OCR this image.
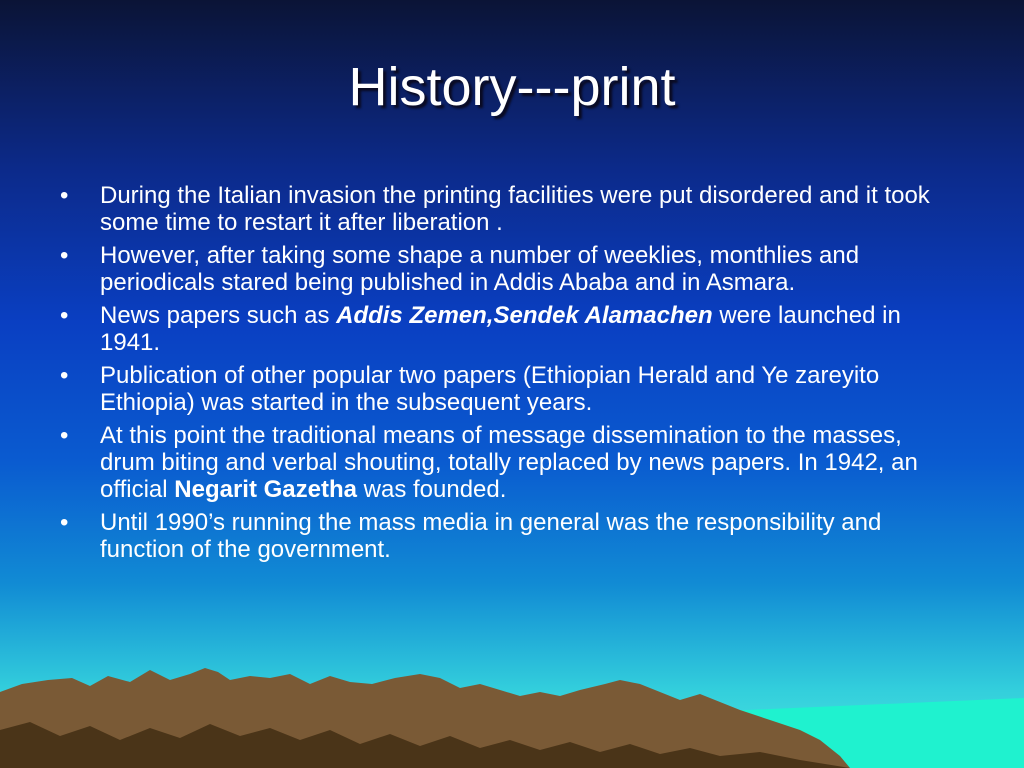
History---print
• During the Italian invasion the printing facilities were put disordered and it took some time to restart it after liberation .
• However, after taking some shape a number of weeklies, monthlies and periodicals stared being published in Addis Ababa and in Asmara.
• News papers such as Addis Zemen,Sendek Alamachen were launched in 1941.
• Publication of other popular two papers (Ethiopian Herald and Ye zareyito Ethiopia) was started in the subsequent years.
• At this point the traditional means of message dissemination to the masses, drum biting and verbal shouting, totally replaced by news papers. In 1942, an official Negarit Gazetha was founded.
• Until 1990’s running the mass media in general was the responsibility and function of the government.
